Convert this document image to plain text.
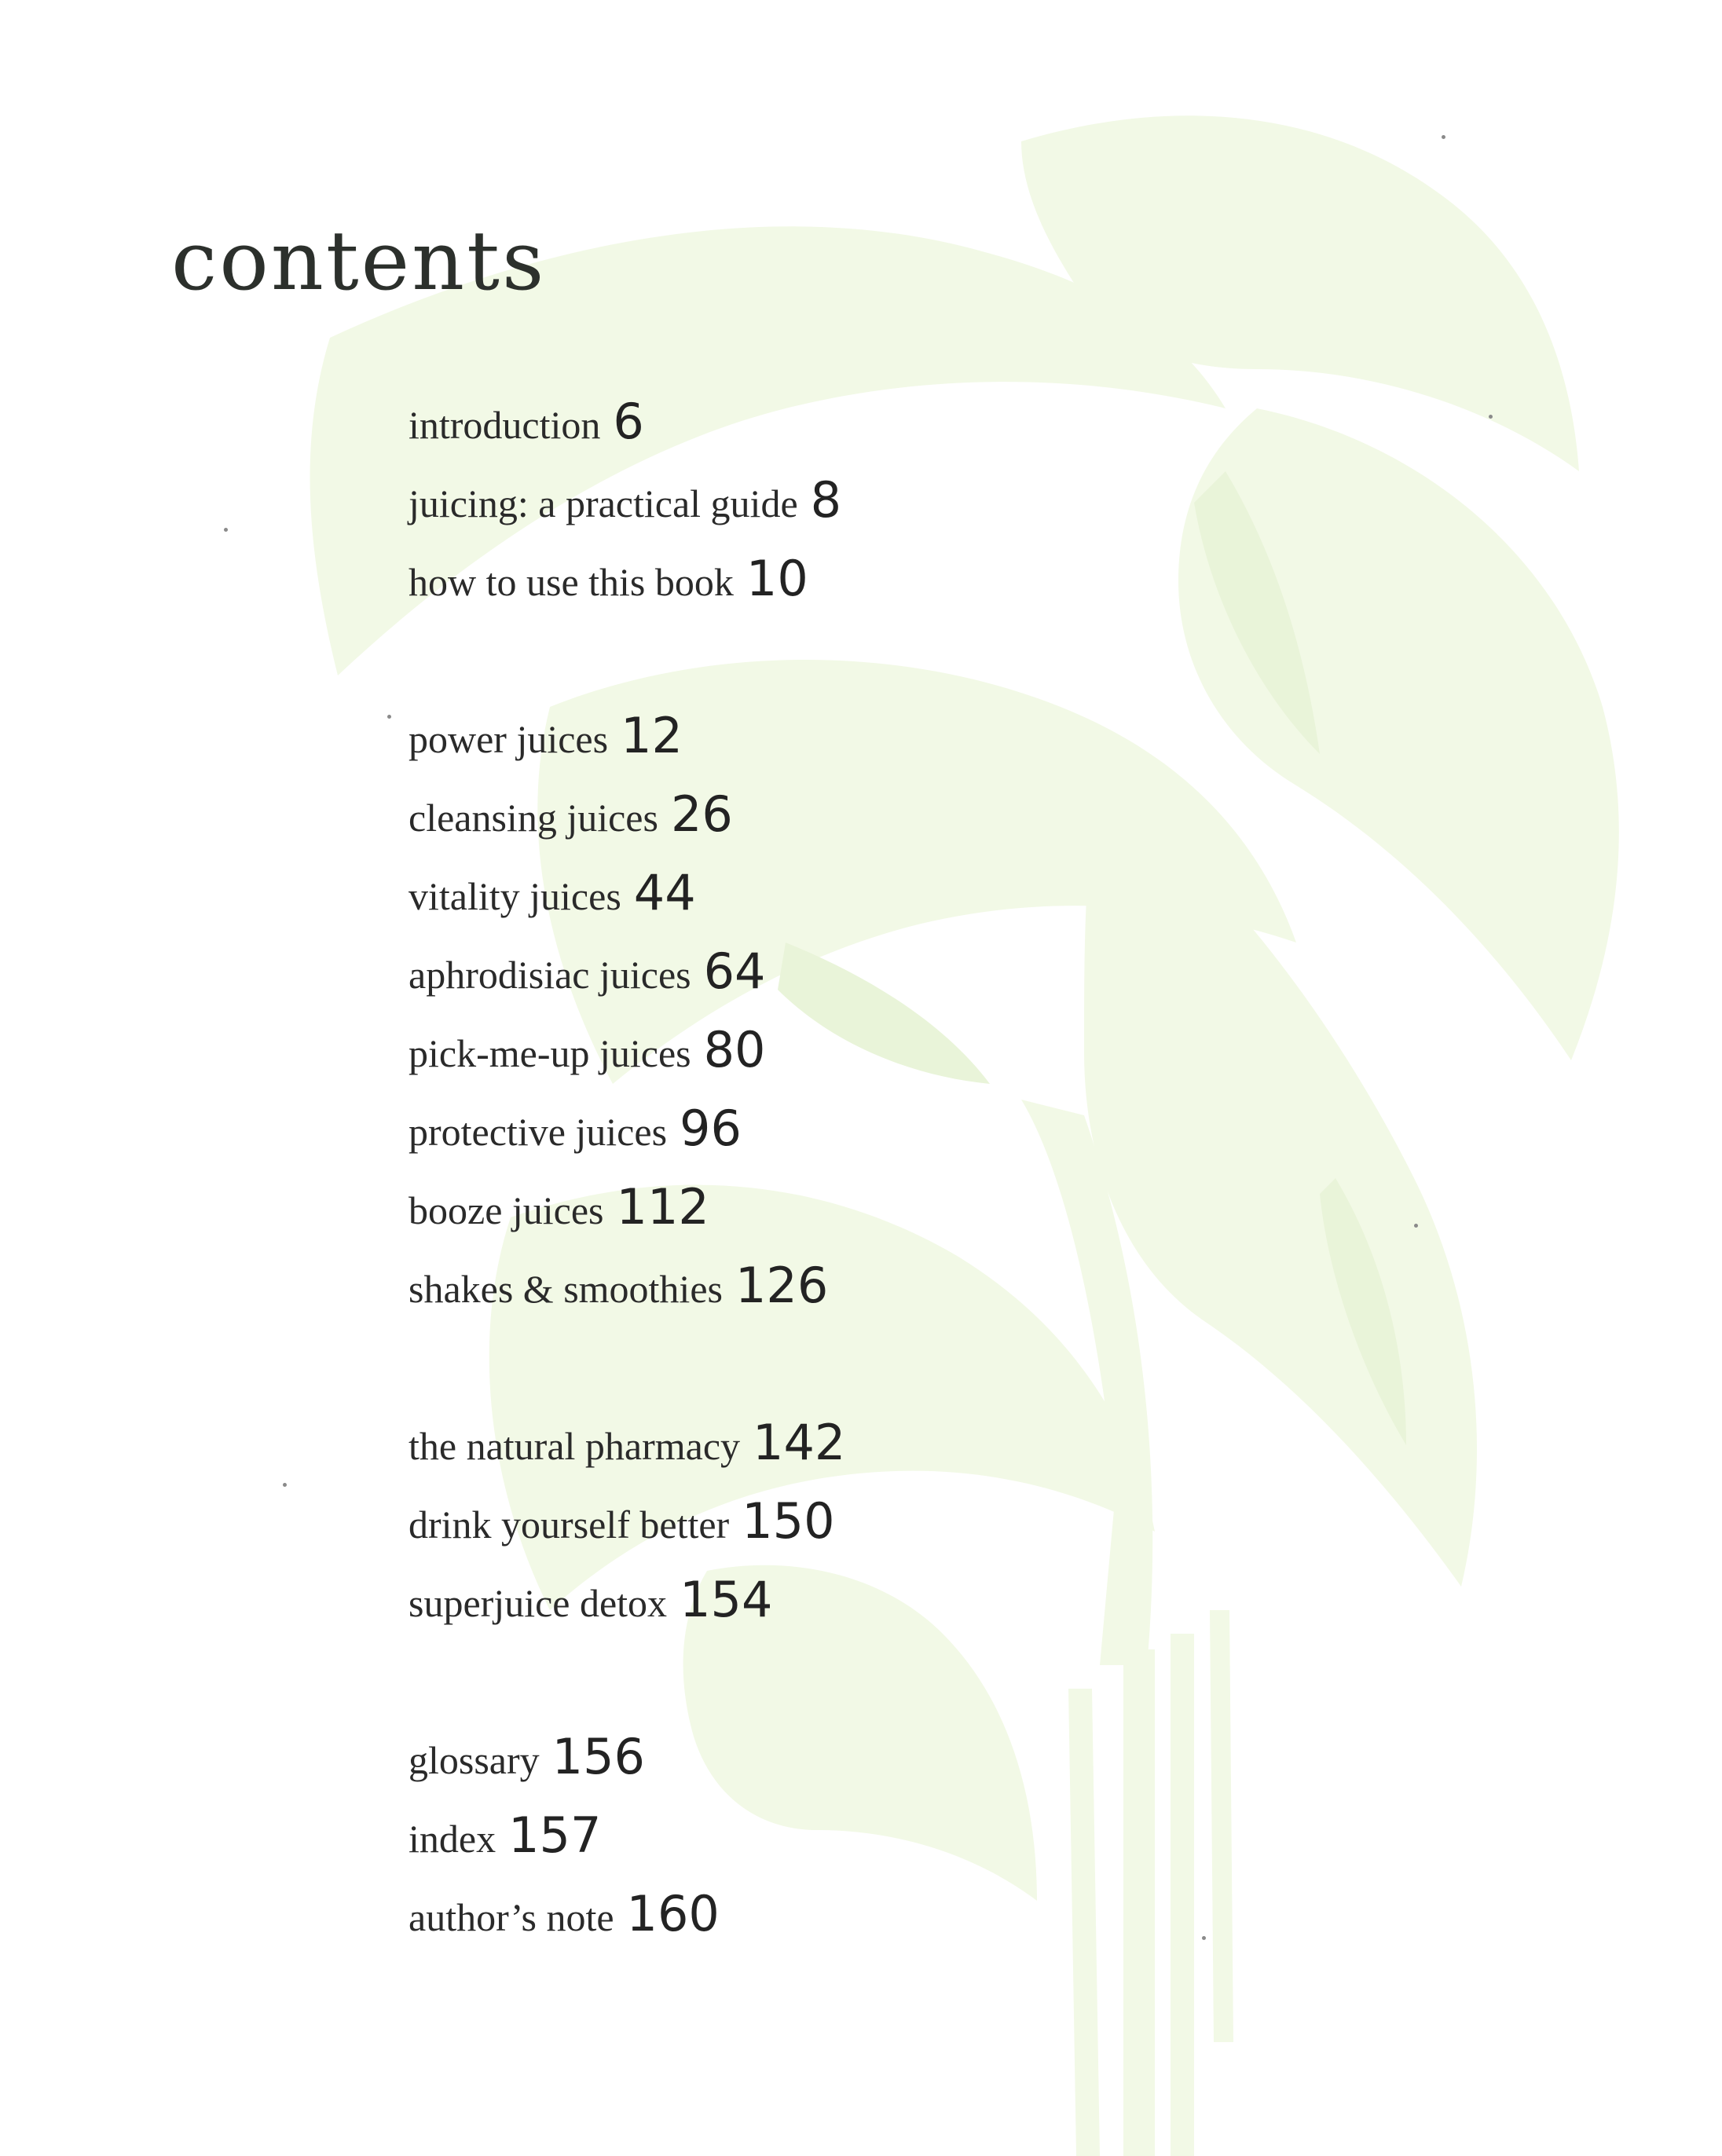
contents
introduction 6
juicing: a practical guide 8
how to use this book 10
power juices 12
cleansing juices 26
vitality juices 44
aphrodisiac juices 64
pick-me-up juices 80
protective juices 96
booze juices 112
shakes & smoothies 126
the natural pharmacy 142
drink yourself better 150
superjuice detox 154
glossary 156
index 157
author’s note 160
